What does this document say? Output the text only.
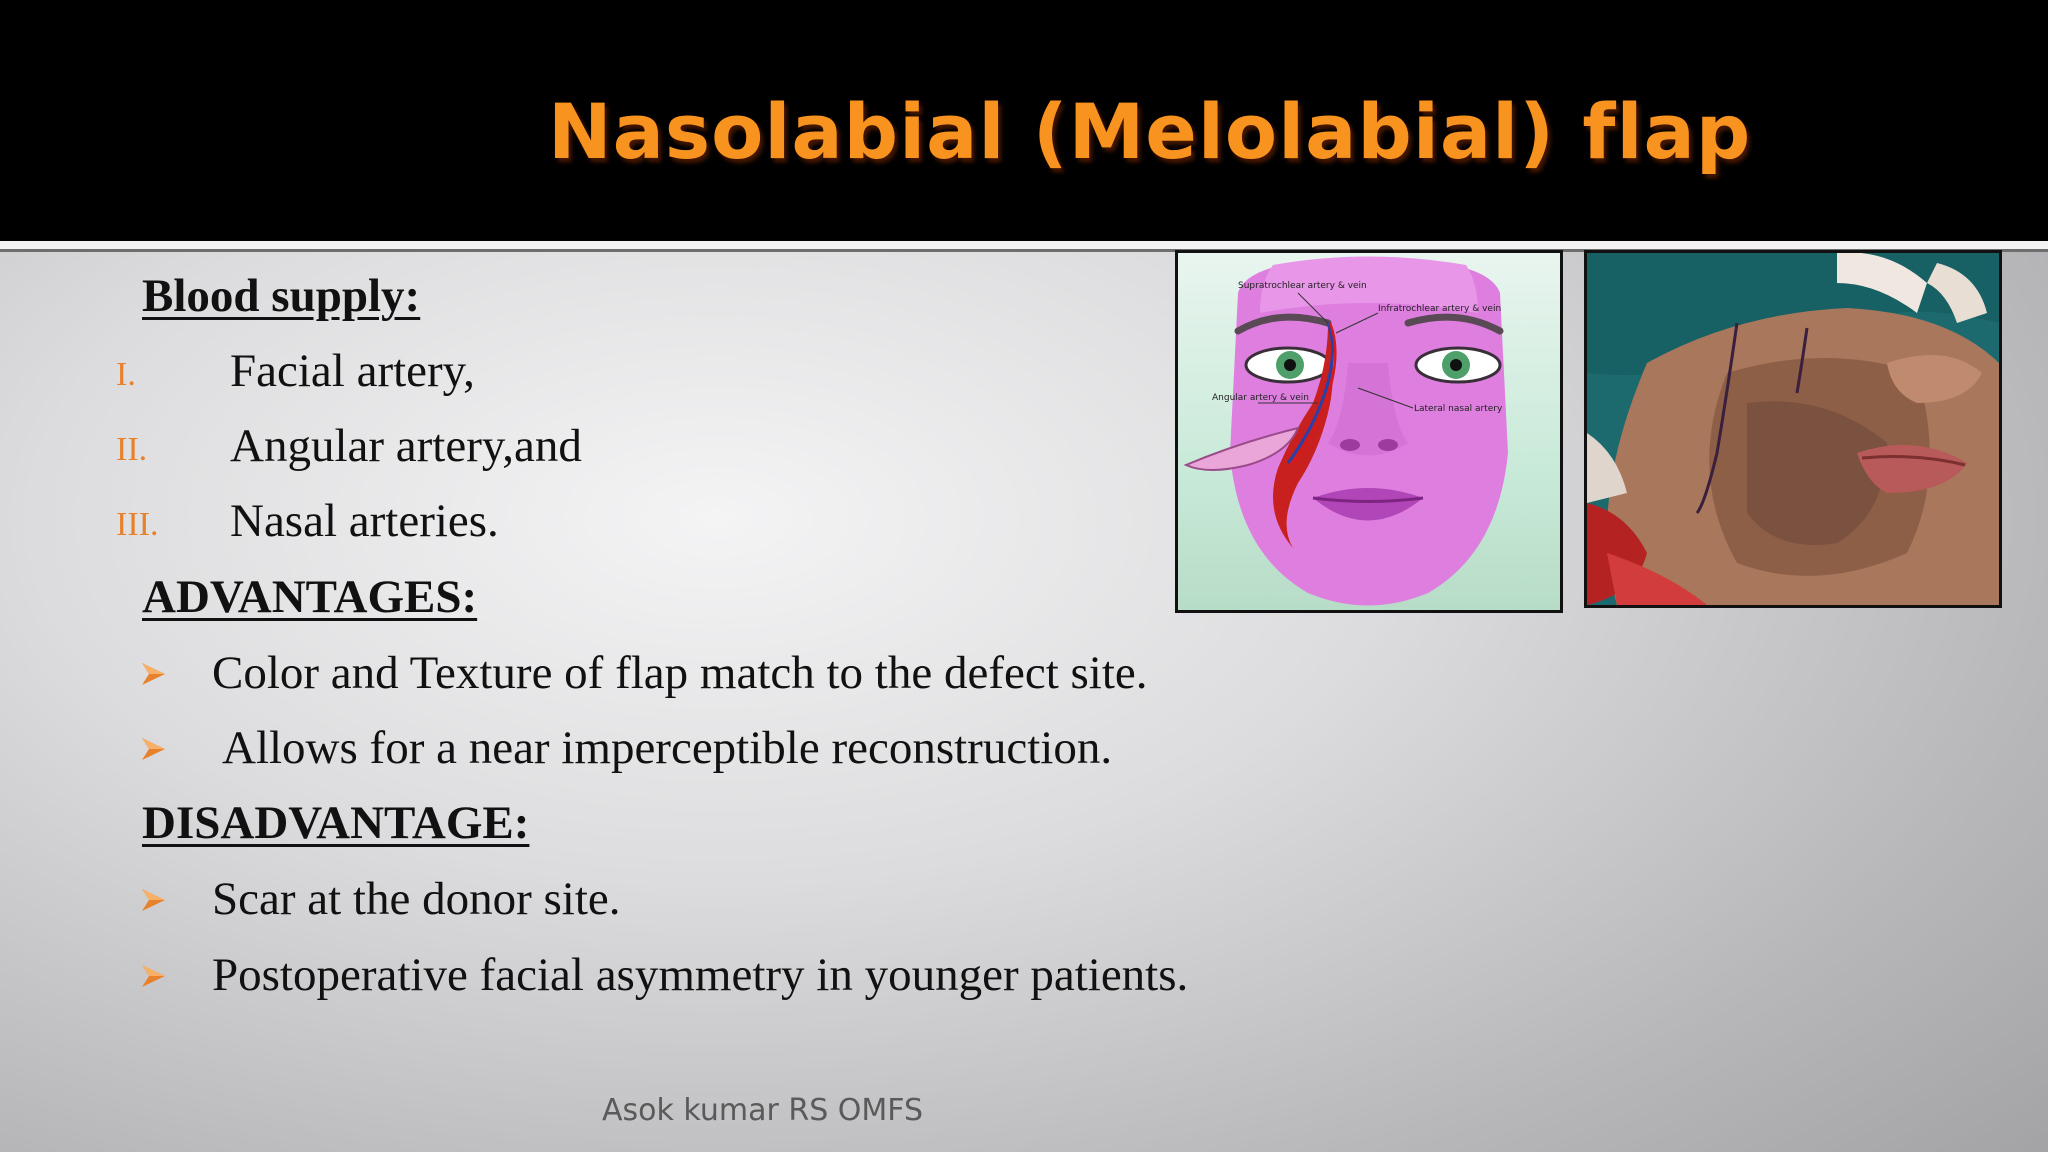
Nasolabial (Melolabial) flap
Blood supply:
I. Facial artery,
II. Angular artery,and
III. Nasal arteries.
ADVANTAGES:
Color and Texture of flap match to the defect site.
Allows for a near imperceptible reconstruction.
DISADVANTAGE:
Scar at the donor site.
Postoperative facial asymmetry in younger patients.
Supratrochlear artery & vein
Infratrochlear artery & vein
Angular artery & vein
Lateral nasal artery
Asok kumar RS OMFS
